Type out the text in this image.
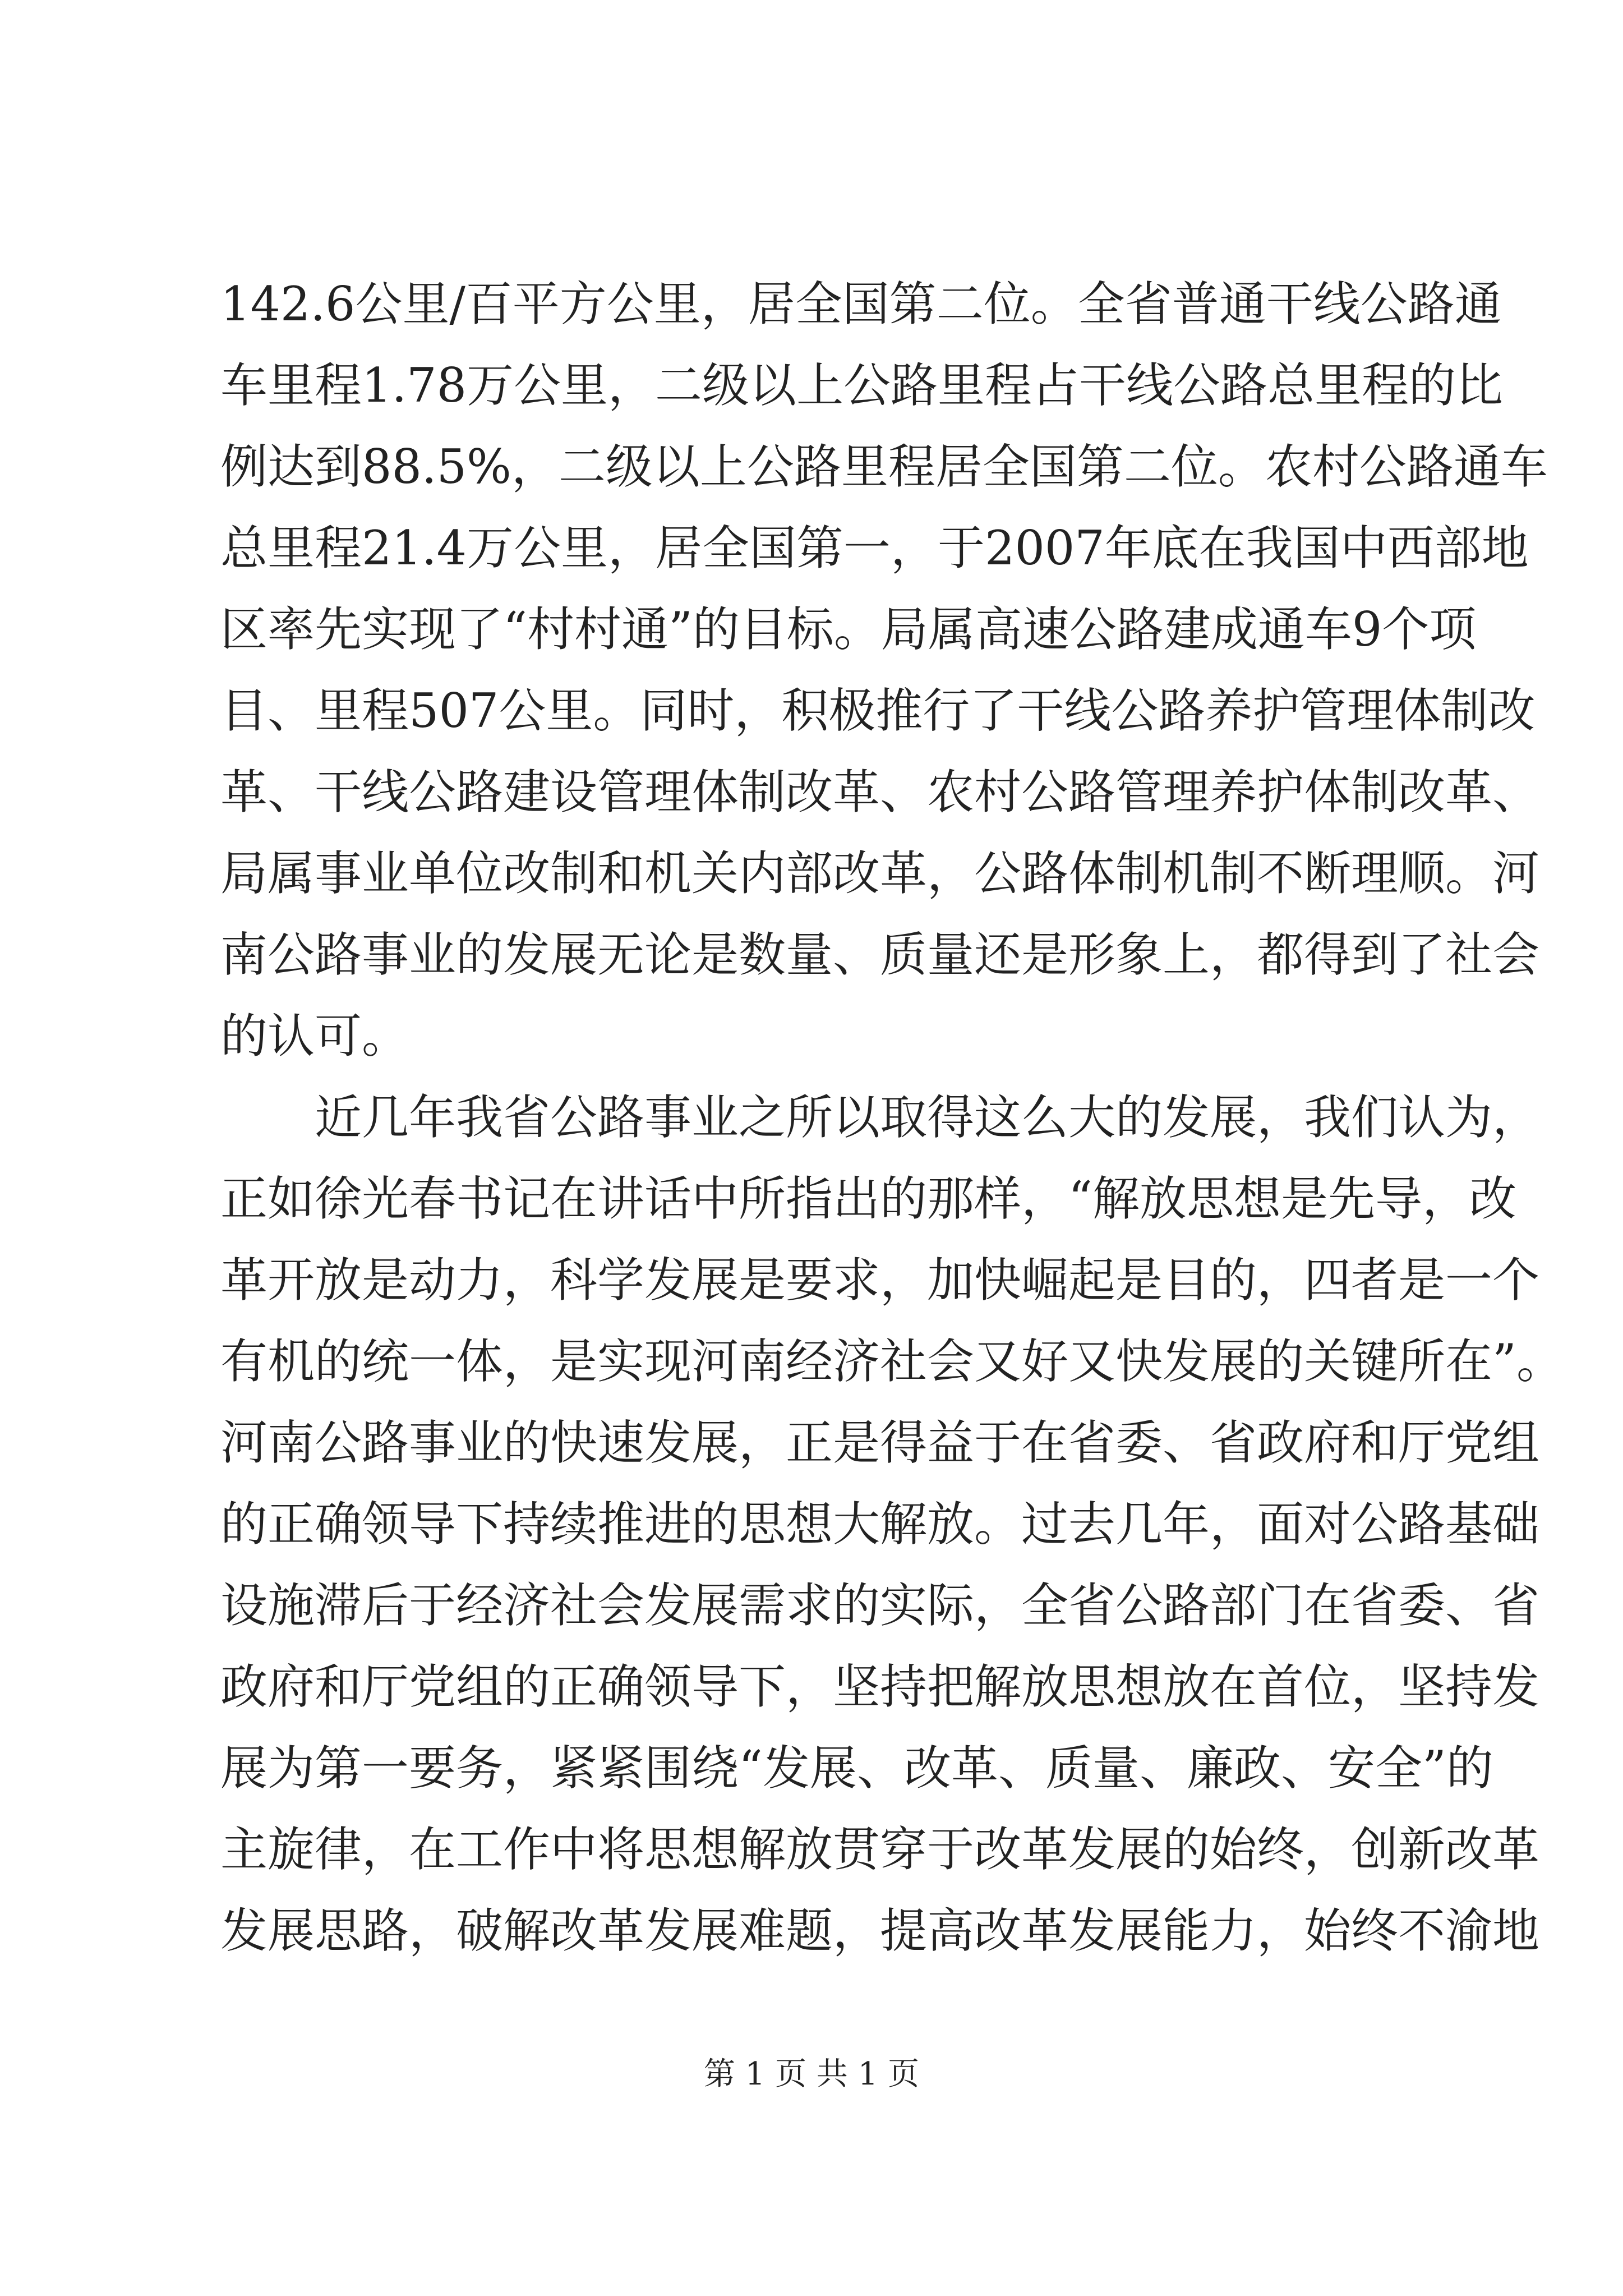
142.6公里/百平方公里，居全国第二位。全省普通干线公路通
车里程1.78万公里，二级以上公路里程占干线公路总里程的比
例达到88.5%，二级以上公路里程居全国第二位。农村公路通车
总里程21.4万公里，居全国第一，于2007年底在我国中西部地
区率先实现了“村村通”的目标。局属高速公路建成通车9个项
目、里程507公里。同时，积极推行了干线公路养护管理体制改
革、干线公路建设管理体制改革、农村公路管理养护体制改革、
局属事业单位改制和机关内部改革，公路体制机制不断理顺。河
南公路事业的发展无论是数量、质量还是形象上，都得到了社会
的认可。
近几年我省公路事业之所以取得这么大的发展，我们认为，
正如徐光春书记在讲话中所指出的那样，“解放思想是先导，改
革开放是动力，科学发展是要求，加快崛起是目的，四者是一个
有机的统一体，是实现河南经济社会又好又快发展的关键所在”。
河南公路事业的快速发展，正是得益于在省委、省政府和厅党组
的正确领导下持续推进的思想大解放。过去几年，面对公路基础
设施滞后于经济社会发展需求的实际，全省公路部门在省委、省
政府和厅党组的正确领导下，坚持把解放思想放在首位，坚持发
展为第一要务，紧紧围绕“发展、改革、质量、廉政、安全”的
主旋律，在工作中将思想解放贯穿于改革发展的始终，创新改革
发展思路，破解改革发展难题，提高改革发展能力，始终不渝地
第 1 页 共 1 页
